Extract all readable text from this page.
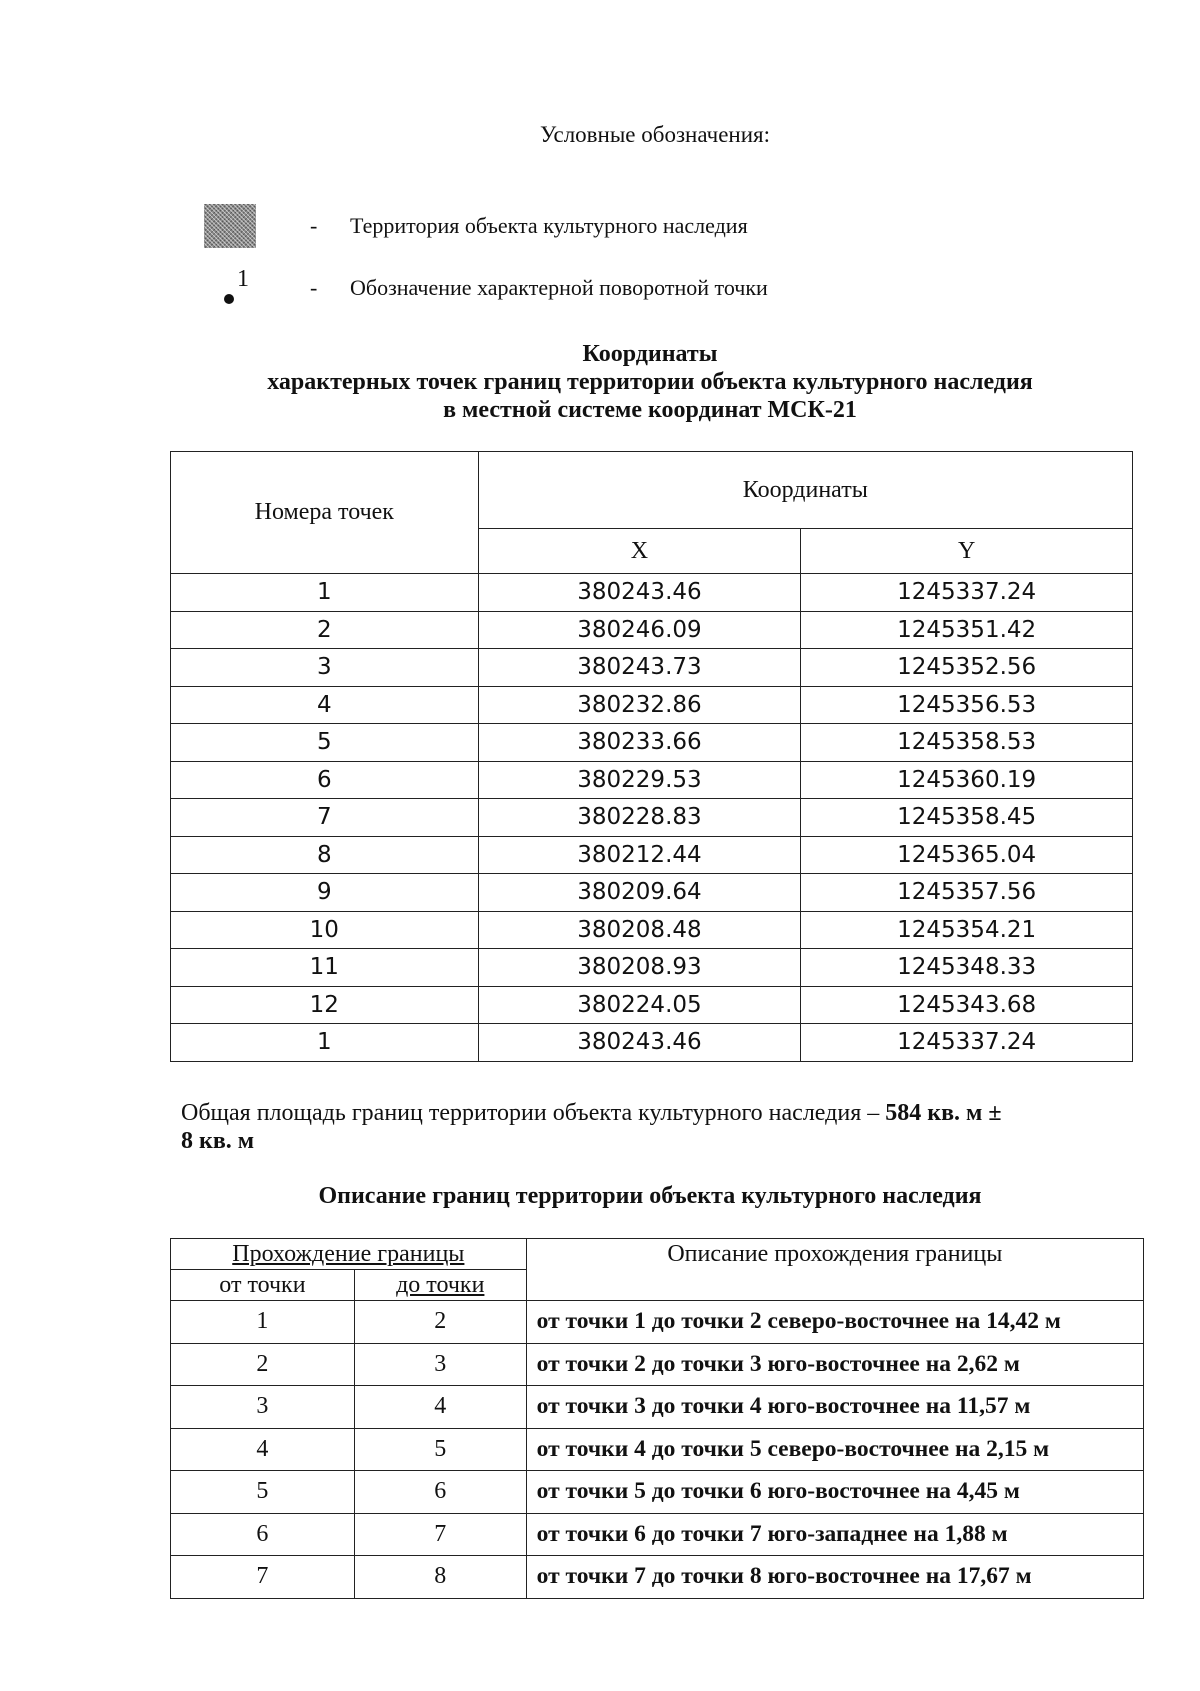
Условные обозначения:
-	Территория объекта культурного наследия
1	-	Обозначение характерной поворотной точки
Координаты
характерных точек границ территории объекта культурного наследия
в местной системе координат МСК-21
Номера точек	Координаты	
	X	Y
1	380243.46	1245337.24
2	380246.09	1245351.42
3	380243.73	1245352.56
4	380232.86	1245356.53
5	380233.66	1245358.53
6	380229.53	1245360.19
7	380228.83	1245358.45
8	380212.44	1245365.04
9	380209.64	1245357.56
10	380208.48	1245354.21
11	380208.93	1245348.33
12	380224.05	1245343.68
1	380243.46	1245337.24
Общая площадь границ территории объекта культурного наследия – 584 кв. м ±
8 кв. м
Описание границ территории объекта культурного наследия
Прохождение границы		Описание прохождения границы
от точки	до точки	
1	2	от точки 1 до точки 2 северо-восточнее на 14,42 м
2	3	от точки 2 до точки 3 юго-восточнее на 2,62 м
3	4	от точки 3 до точки 4 юго-восточнее на 11,57 м
4	5	от точки 4 до точки 5 северо-восточнее на 2,15 м
5	6	от точки 5 до точки 6 юго-восточнее на 4,45 м
6	7	от точки 6 до точки 7 юго-западнее на 1,88 м
7	8	от точки 7 до точки 8 юго-восточнее на 17,67 м
